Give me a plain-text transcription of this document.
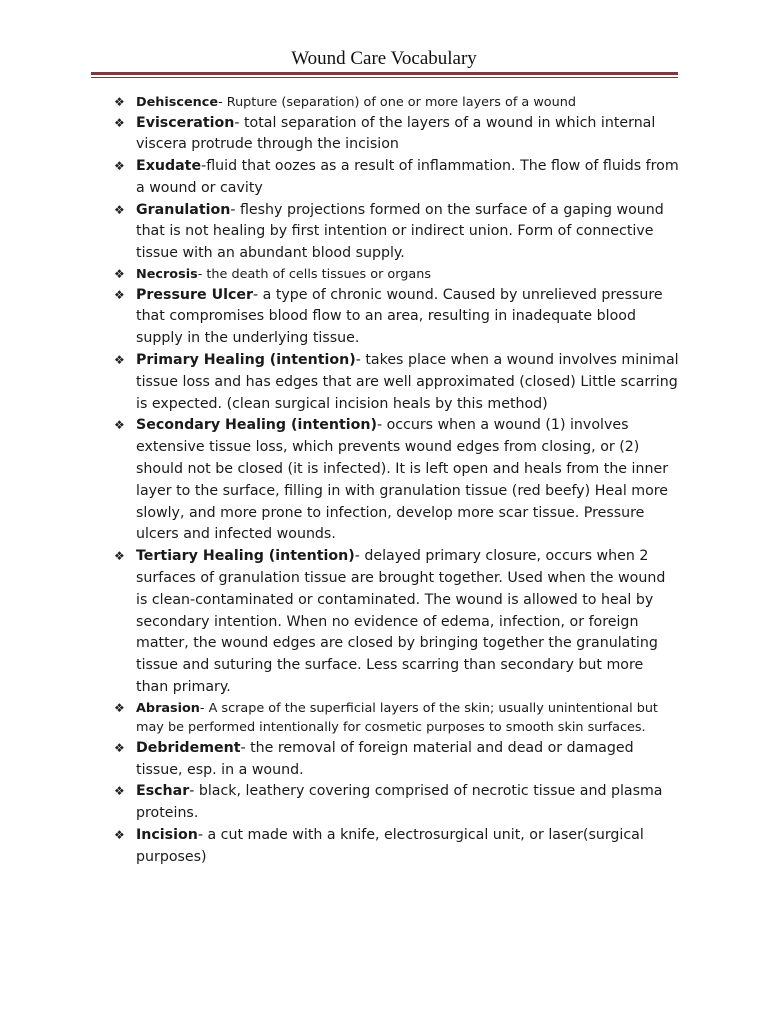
Wound Care Vocabulary
❖ Dehiscence- Rupture (separation) of one or more layers of a wound
❖ Evisceration- total separation of the layers of a wound in which internal viscera protrude through the incision
❖ Exudate-fluid that oozes as a result of inflammation. The flow of fluids from a wound or cavity
❖ Granulation- fleshy projections formed on the surface of a gaping wound that is not healing by first intention or indirect union. Form of connective tissue with an abundant blood supply.
❖ Necrosis- the death of cells tissues or organs
❖ Pressure Ulcer- a type of chronic wound. Caused by unrelieved pressure that compromises blood flow to an area, resulting in inadequate blood supply in the underlying tissue.
❖ Primary Healing (intention)- takes place when a wound involves minimal tissue loss and has edges that are well approximated (closed) Little scarring is expected. (clean surgical incision heals by this method)
❖ Secondary Healing (intention)- occurs when a wound (1) involves extensive tissue loss, which prevents wound edges from closing, or (2) should not be closed (it is infected). It is left open and heals from the inner layer to the surface, filling in with granulation tissue (red beefy) Heal more slowly, and more prone to infection, develop more scar tissue. Pressure ulcers and infected wounds.
❖ Tertiary Healing (intention)- delayed primary closure, occurs when 2 surfaces of granulation tissue are brought together. Used when the wound is clean-contaminated or contaminated. The wound is allowed to heal by secondary intention. When no evidence of edema, infection, or foreign matter, the wound edges are closed by bringing together the granulating tissue and suturing the surface. Less scarring than secondary but more than primary.
❖ Abrasion- A scrape of the superficial layers of the skin; usually unintentional but may be performed intentionally for cosmetic purposes to smooth skin surfaces.
❖ Debridement- the removal of foreign material and dead or damaged tissue, esp. in a wound.
❖ Eschar- black, leathery covering comprised of necrotic tissue and plasma proteins.
❖ Incision- a cut made with a knife, electrosurgical unit, or laser(surgical purposes)
